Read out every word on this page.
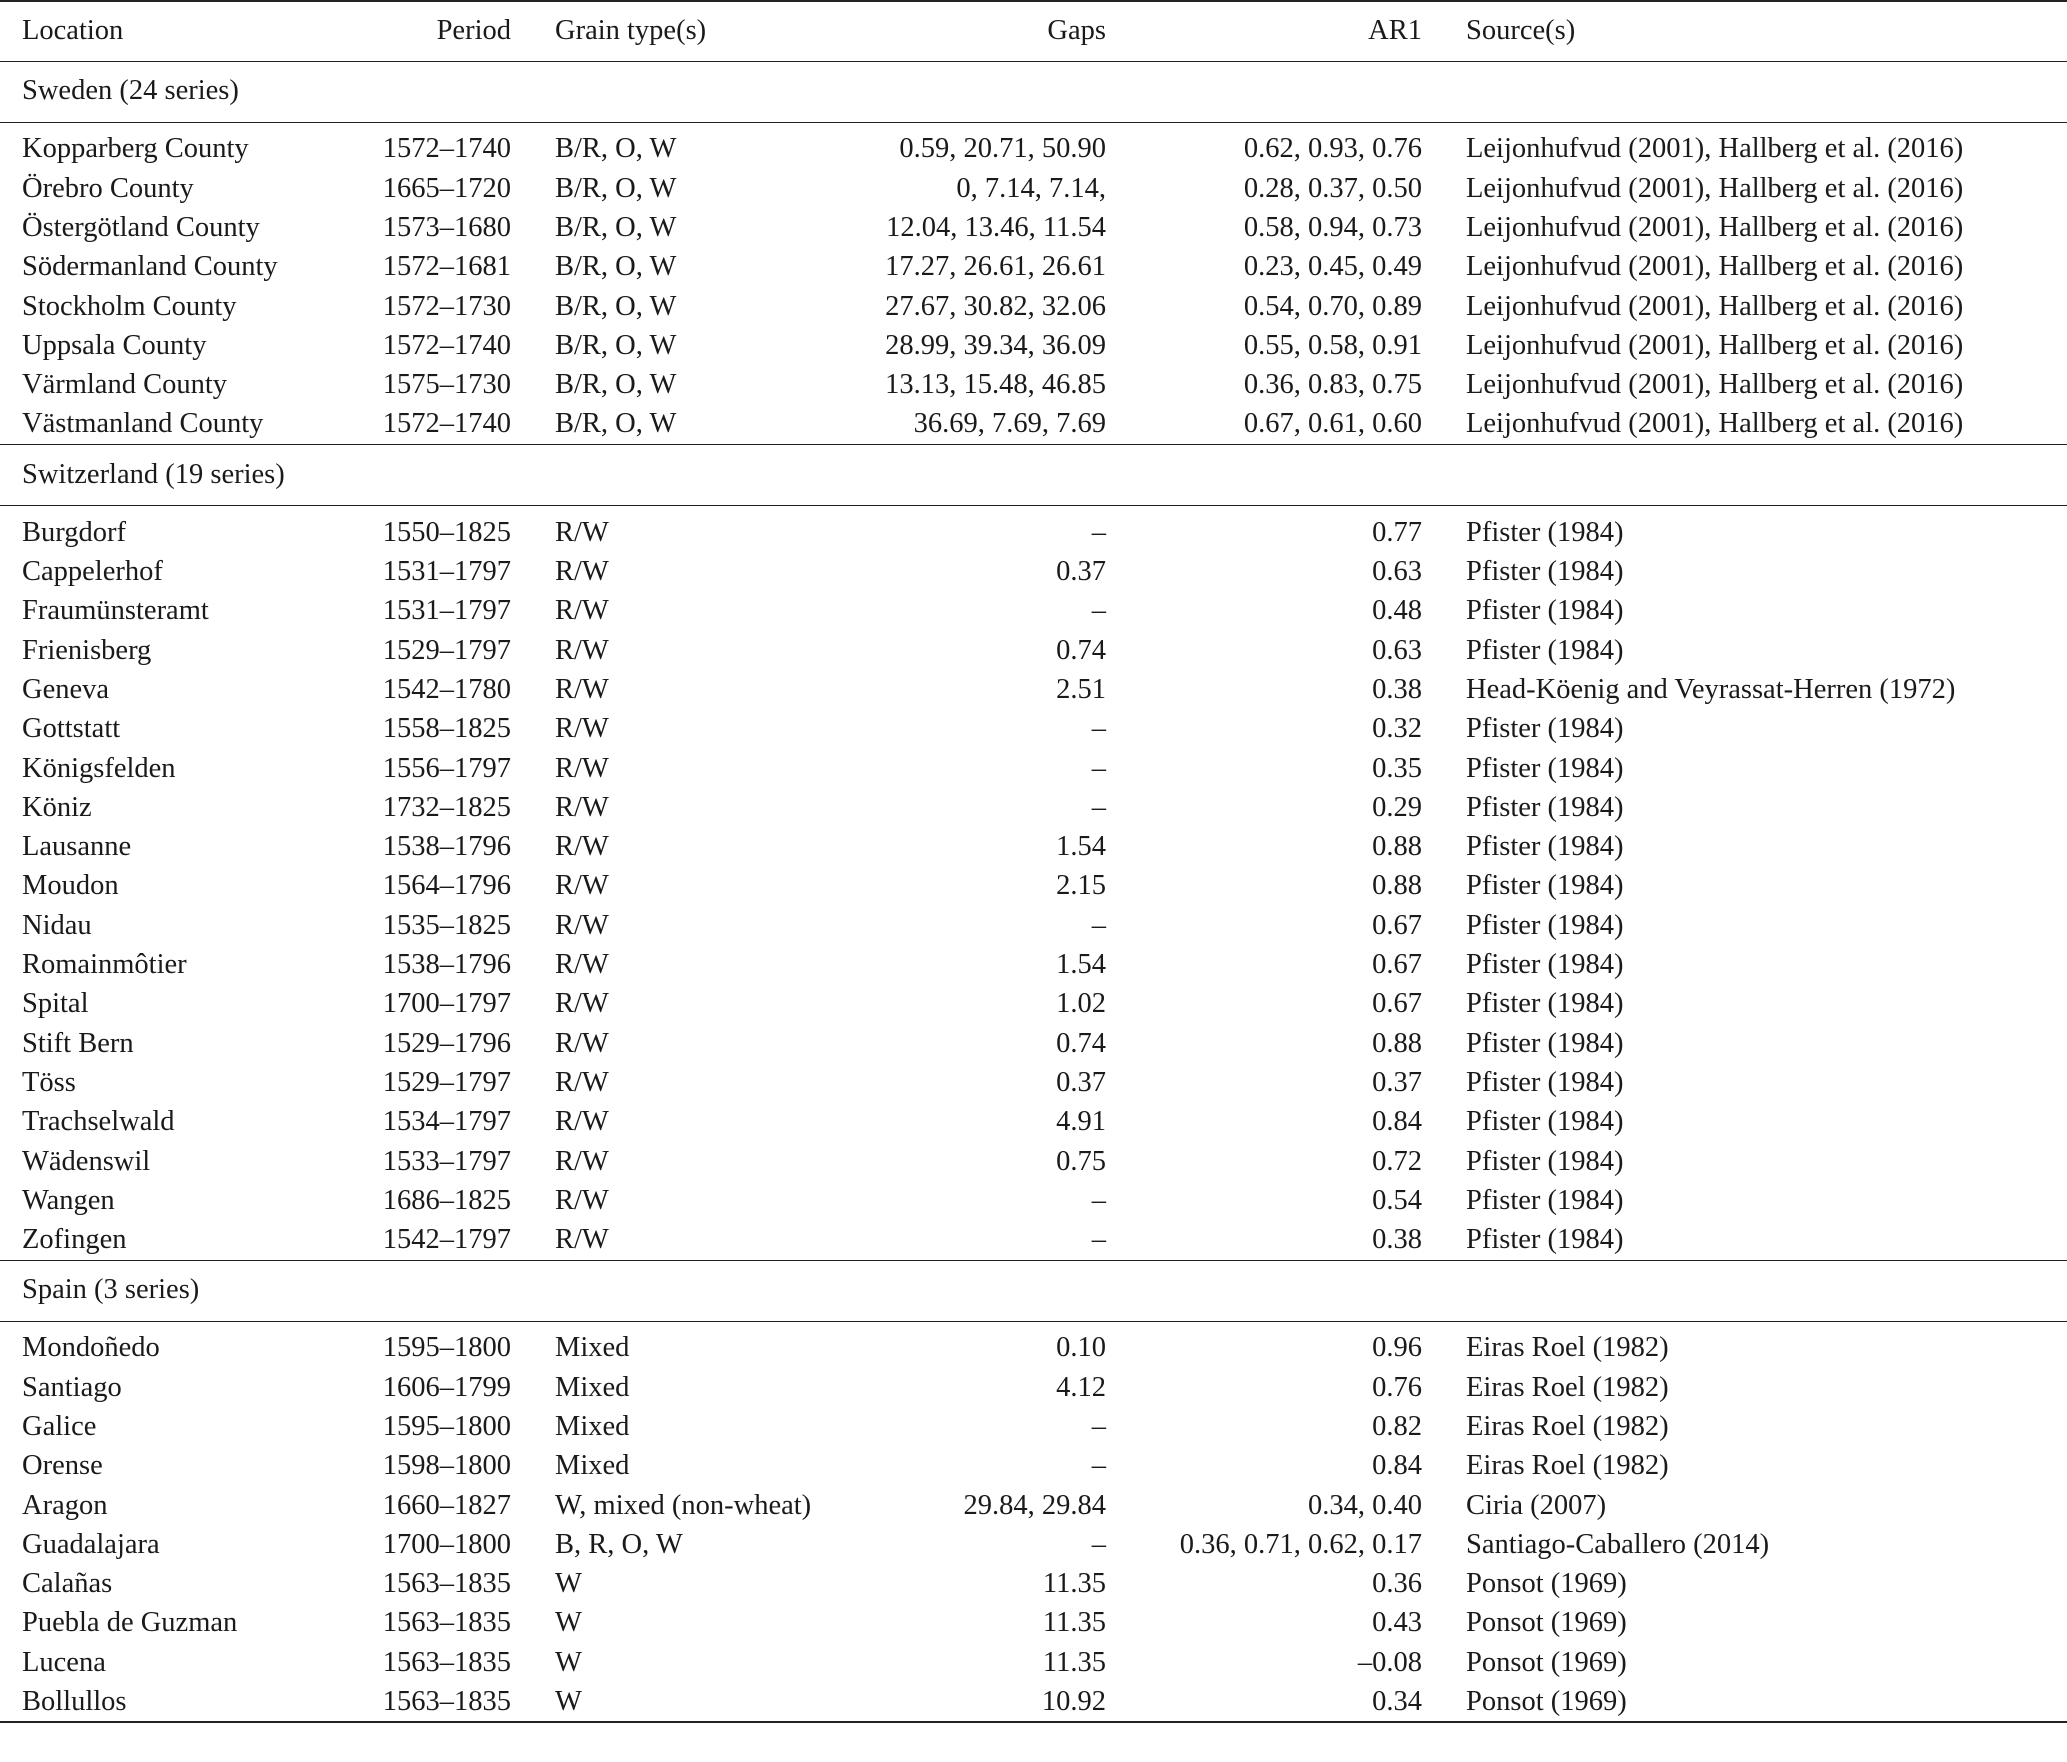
Location	Period	Grain type(s)	Gaps	AR1	Source(s)
Sweden (24 series)					

Kopparberg County	1572–1740	B/R, O, W	0.59, 20.71, 50.90	0.62, 0.93, 0.76	Leijonhufvud (2001), Hallberg et al. (2016)
Örebro County	1665–1720	B/R, O, W	0, 7.14, 7.14,	0.28, 0.37, 0.50	Leijonhufvud (2001), Hallberg et al. (2016)
Östergötland County	1573–1680	B/R, O, W	12.04, 13.46, 11.54	0.58, 0.94, 0.73	Leijonhufvud (2001), Hallberg et al. (2016)
Södermanland County	1572–1681	B/R, O, W	17.27, 26.61, 26.61	0.23, 0.45, 0.49	Leijonhufvud (2001), Hallberg et al. (2016)
Stockholm County	1572–1730	B/R, O, W	27.67, 30.82, 32.06	0.54, 0.70, 0.89	Leijonhufvud (2001), Hallberg et al. (2016)
Uppsala County	1572–1740	B/R, O, W	28.99, 39.34, 36.09	0.55, 0.58, 0.91	Leijonhufvud (2001), Hallberg et al. (2016)
Värmland County	1575–1730	B/R, O, W	13.13, 15.48, 46.85	0.36, 0.83, 0.75	Leijonhufvud (2001), Hallberg et al. (2016)
Västmanland County	1572–1740	B/R, O, W	36.69, 7.69, 7.69	0.67, 0.61, 0.60	Leijonhufvud (2001), Hallberg et al. (2016)
Switzerland (19 series)					

Burgdorf	1550–1825	R/W	–	0.77	Pfister (1984)
Cappelerhof	1531–1797	R/W	0.37	0.63	Pfister (1984)
Fraumünsteramt	1531–1797	R/W	–	0.48	Pfister (1984)
Frienisberg	1529–1797	R/W	0.74	0.63	Pfister (1984)
Geneva	1542–1780	R/W	2.51	0.38	Head-Köenig and Veyrassat-Herren (1972)
Gottstatt	1558–1825	R/W	–	0.32	Pfister (1984)
Königsfelden	1556–1797	R/W	–	0.35	Pfister (1984)
Köniz	1732–1825	R/W	–	0.29	Pfister (1984)
Lausanne	1538–1796	R/W	1.54	0.88	Pfister (1984)
Moudon	1564–1796	R/W	2.15	0.88	Pfister (1984)
Nidau	1535–1825	R/W	–	0.67	Pfister (1984)
Romainmôtier	1538–1796	R/W	1.54	0.67	Pfister (1984)
Spital	1700–1797	R/W	1.02	0.67	Pfister (1984)
Stift Bern	1529–1796	R/W	0.74	0.88	Pfister (1984)
Töss	1529–1797	R/W	0.37	0.37	Pfister (1984)
Trachselwald	1534–1797	R/W	4.91	0.84	Pfister (1984)
Wädenswil	1533–1797	R/W	0.75	0.72	Pfister (1984)
Wangen	1686–1825	R/W	–	0.54	Pfister (1984)
Zofingen	1542–1797	R/W	–	0.38	Pfister (1984)
Spain (3 series)					

Mondoñedo	1595–1800	Mixed	0.10	0.96	Eiras Roel (1982)
Santiago	1606–1799	Mixed	4.12	0.76	Eiras Roel (1982)
Galice	1595–1800	Mixed	–	0.82	Eiras Roel (1982)
Orense	1598–1800	Mixed	–	0.84	Eiras Roel (1982)
Aragon	1660–1827	W, mixed (non-wheat)	29.84, 29.84	0.34, 0.40	Ciria (2007)
Guadalajara	1700–1800	B, R, O, W	–	0.36, 0.71, 0.62, 0.17	Santiago-Caballero (2014)
Calañas	1563–1835	W	11.35	0.36	Ponsot (1969)
Puebla de Guzman	1563–1835	W	11.35	0.43	Ponsot (1969)
Lucena	1563–1835	W	11.35	–0.08	Ponsot (1969)
Bollullos	1563–1835	W	10.92	0.34	Ponsot (1969)
